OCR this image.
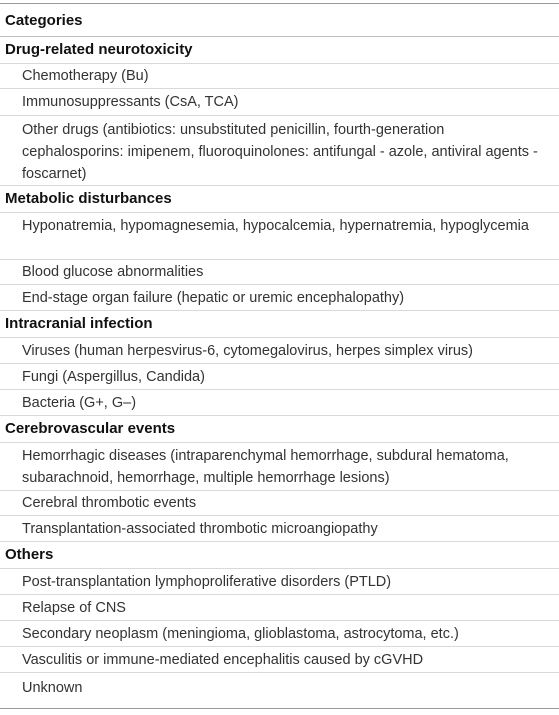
Categories
Drug-related neurotoxicity
Chemotherapy (Bu)
Immunosuppressants (CsA, TCA)
Other drugs (antibiotics: unsubstituted penicillin, fourth-generation cephalosporins: imipenem, fluoroquinolones: antifungal - azole, antiviral agents - foscarnet)
Metabolic disturbances
Hyponatremia, hypomagnesemia, hypocalcemia, hypernatremia, hypoglycemia
Blood glucose abnormalities
End-stage organ failure (hepatic or uremic encephalopathy)
Intracranial infection
Viruses (human herpesvirus-6, cytomegalovirus, herpes simplex virus)
Fungi (Aspergillus, Candida)
Bacteria (G+, G–)
Cerebrovascular events
Hemorrhagic diseases (intraparenchymal hemorrhage, subdural hematoma, subarachnoid, hemorrhage, multiple hemorrhage lesions)
Cerebral thrombotic events
Transplantation-associated thrombotic microangiopathy
Others
Post-transplantation lymphoproliferative disorders (PTLD)
Relapse of CNS
Secondary neoplasm (meningioma, glioblastoma, astrocytoma, etc.)
Vasculitis or immune-mediated encephalitis caused by cGVHD
Unknown
